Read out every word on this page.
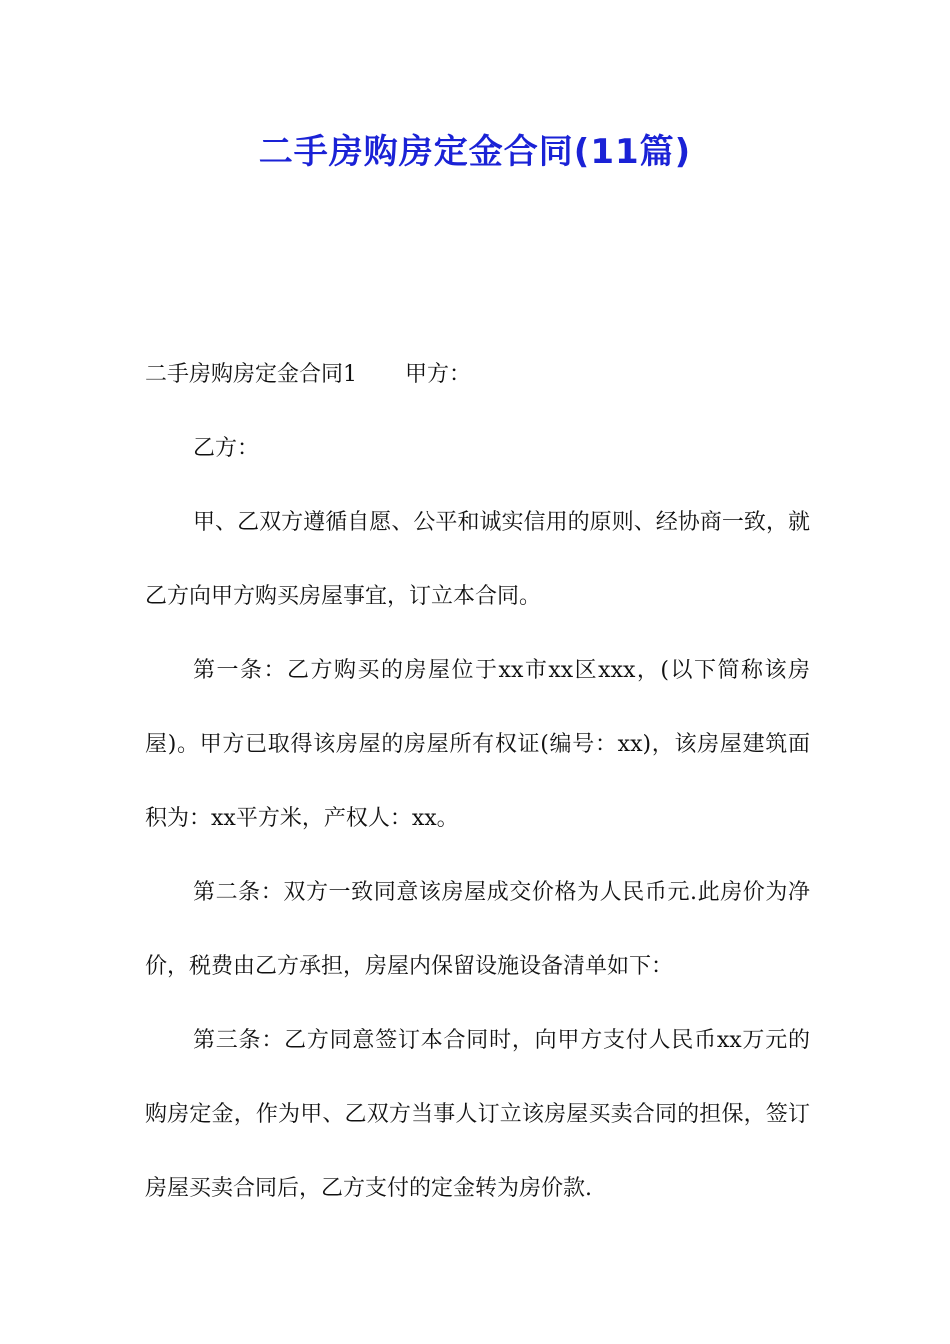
二手房购房定金合同(11篇)

二手房购房定金合同1 甲方：

乙方：

甲、乙双方遵循自愿、公平和诚实信用的原则、经协商一致，就乙方向甲方购买房屋事宜，订立本合同。

第一条：乙方购买的房屋位于xx市xx区xxx，(以下简称该房屋)。甲方已取得该房屋的房屋所有权证(编号：xx)，该房屋建筑面积为：xx平方米，产权人：xx。

第二条：双方一致同意该房屋成交价格为人民币元.此房价为净价，税费由乙方承担，房屋内保留设施设备清单如下：

第三条：乙方同意签订本合同时，向甲方支付人民币xx万元的购房定金，作为甲、乙双方当事人订立该房屋买卖合同的担保，签订房屋买卖合同后，乙方支付的定金转为房价款.
